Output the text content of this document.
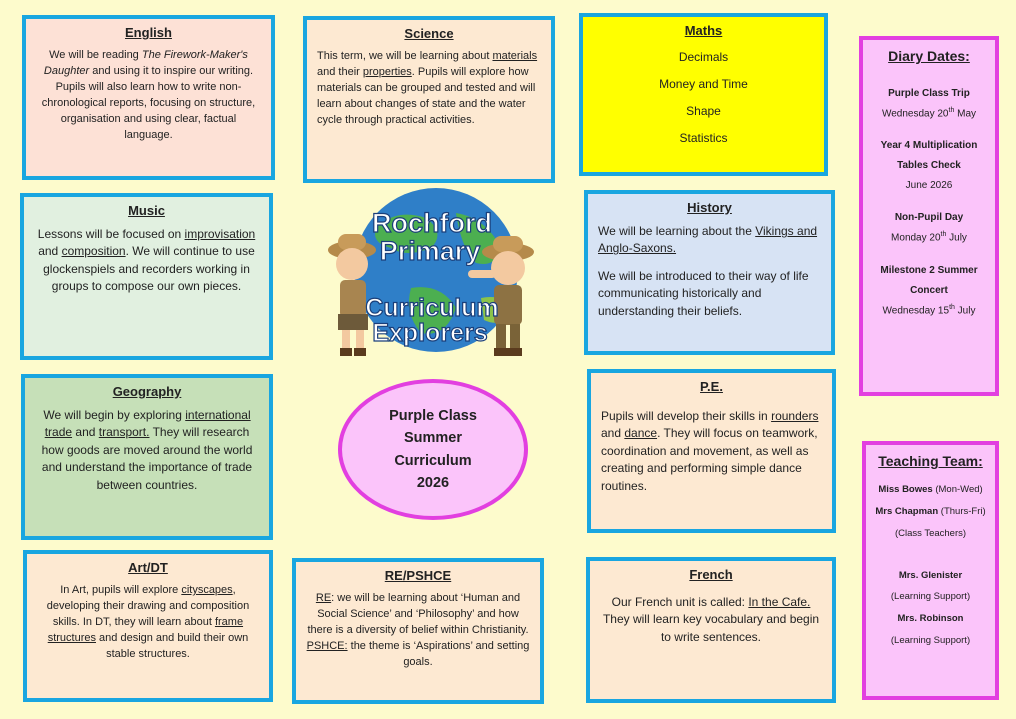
English

We will be reading The Firework-Maker's Daughter and using it to inspire our writing. Pupils will also learn how to write non-chronological reports, focusing on structure, organisation and using clear, factual language.

Science

This term, we will be learning about materials and their properties. Pupils will explore how materials can be grouped and tested and will learn about changes of state and the water cycle through practical activities.

Maths

Decimals

Money and Time

Shape

Statistics

Diary Dates:
Purple Class Trip
Wednesday 20th May
Year 4 Multiplication Tables Check
June 2026
Non-Pupil Day
Monday 20th July
Milestone 2 Summer Concert
Wednesday 15th July
Music

Lessons will be focused on improvisation and composition. We will continue to use glockenspiels and recorders working in groups to compose our own pieces.

Rochford
Primary
Curriculum
Explorers
History

We will be learning about the Vikings and Anglo-Saxons.

We will be introduced to their way of life communicating historically and understanding their beliefs.

Geography

We will begin by exploring international trade and transport. They will research how goods are moved around the world and understand the importance of trade between countries.

Purple Class
Summer
Curriculum
2026
P.E.

Pupils will develop their skills in rounders and dance. They will focus on teamwork, coordination and movement, as well as creating and performing simple dance routines.

Teaching Team:
Miss Bowes (Mon-Wed)
Mrs Chapman (Thurs-Fri)
(Class Teachers)
Mrs. Glenister
(Learning Support)
Mrs. Robinson
(Learning Support)
Art/DT

In Art, pupils will explore cityscapes, developing their drawing and composition skills. In DT, they will learn about frame structures and design and build their own stable structures.

RE/PSHCE

RE: we will be learning about ‘Human and Social Science’ and ‘Philosophy’ and how there is a diversity of belief within Christianity. PSHCE: the theme is ‘Aspirations’ and setting goals.

French

Our French unit is called: In the Cafe. They will learn key vocabulary and begin to write sentences.
